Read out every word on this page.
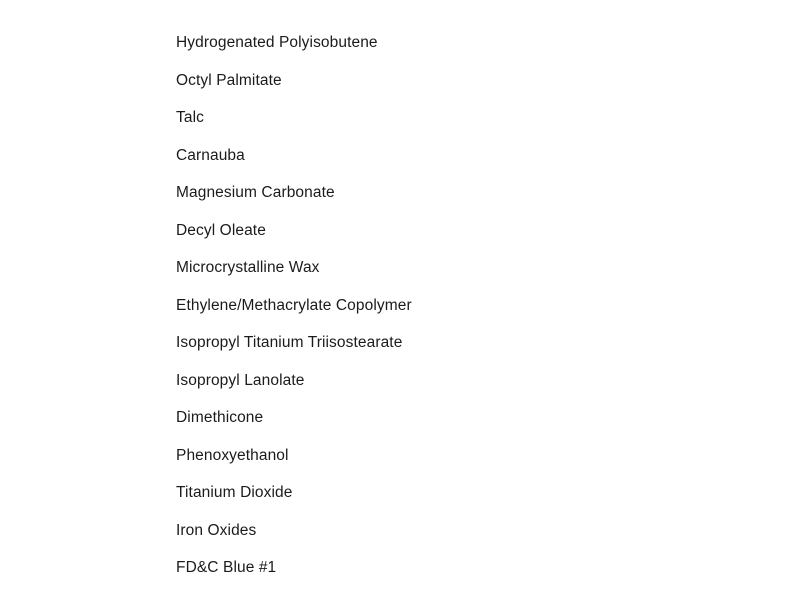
Hydrogenated Polyisobutene
Octyl Palmitate
Talc
Carnauba
Magnesium Carbonate
Decyl Oleate
Microcrystalline Wax
Ethylene/Methacrylate Copolymer
Isopropyl Titanium Triisostearate
Isopropyl Lanolate
Dimethicone
Phenoxyethanol
Titanium Dioxide
Iron Oxides
FD&C Blue #1
